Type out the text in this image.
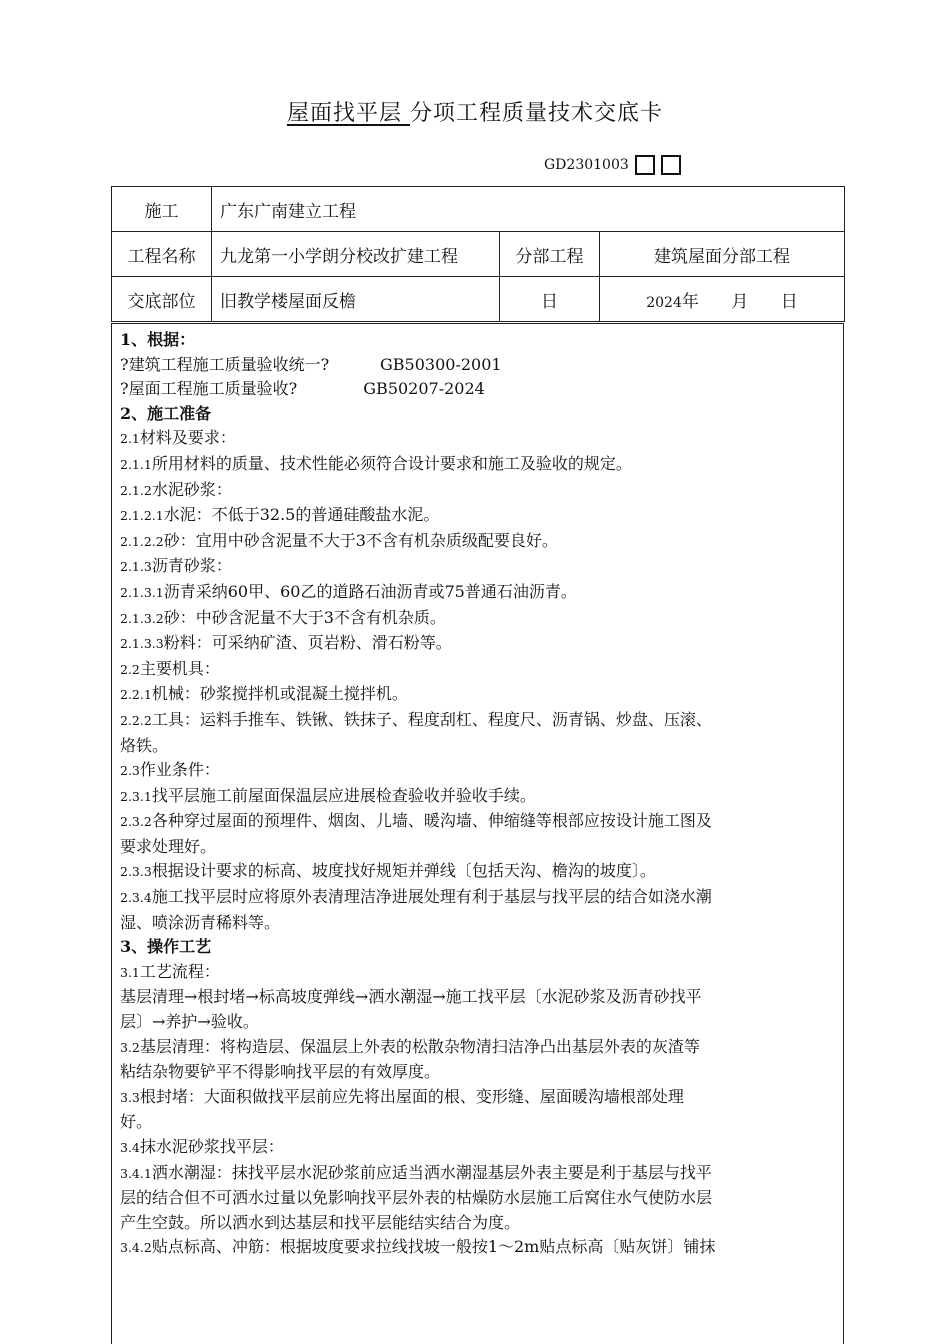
屋面找平层 分项工程质量技术交底卡
GD2301003
施工	广东广南建立工程		
工程名称	九龙第一小学朗分校改扩建工程	分部工程	建筑屋面分部工程
交底部位	旧教学楼屋面反檐	日	2024年 月 日
1、根据：
?建筑工程施工质量验收统一?          GB50300-2001
?屋面工程施工质量验收?             GB50207-2024
2、施工准备
2.1材料及要求：
2.1.1所用材料的质量、技术性能必须符合设计要求和施工及验收的规定。
2.1.2水泥砂浆：
2.1.2.1水泥：不低于32.5的普通硅酸盐水泥。
2.1.2.2砂：宜用中砂含泥量不大于3不含有机杂质级配要良好。
2.1.3沥青砂浆：
2.1.3.1沥青采纳60甲、60乙的道路石油沥青或75普通石油沥青。
2.1.3.2砂：中砂含泥量不大于3不含有机杂质。
2.1.3.3粉料：可采纳矿渣、页岩粉、滑石粉等。
2.2主要机具：
2.2.1机械：砂浆搅拌机或混凝土搅拌机。
2.2.2工具：运料手推车、铁锹、铁抹子、程度刮杠、程度尺、沥青锅、炒盘、压滚、
烙铁。
2.3作业条件：
2.3.1找平层施工前屋面保温层应进展检查验收并验收手续。
2.3.2各种穿过屋面的预埋件、烟囱、儿墙、暖沟墙、伸缩缝等根部应按设计施工图及
要求处理好。
2.3.3根据设计要求的标高、坡度找好规矩并弹线〔包括天沟、檐沟的坡度〕。
2.3.4施工找平层时应将原外表清理洁净进展处理有利于基层与找平层的结合如浇水潮
湿、喷涂沥青稀料等。
3、操作工艺
3.1工艺流程：
基层清理→根封堵→标高坡度弹线→洒水潮湿→施工找平层〔水泥砂浆及沥青砂找平
层〕→养护→验收。
3.2基层清理：将构造层、保温层上外表的松散杂物清扫洁净凸出基层外表的灰渣等
粘结杂物要铲平不得影响找平层的有效厚度。
3.3根封堵：大面积做找平层前应先将出屋面的根、变形缝、屋面暖沟墙根部处理
好。
3.4抹水泥砂浆找平层：
3.4.1洒水潮湿：抹找平层水泥砂浆前应适当洒水潮湿基层外表主要是利于基层与找平
层的结合但不可洒水过量以免影响找平层外表的枯燥防水层施工后窝住水气使防水层
产生空鼓。所以洒水到达基层和找平层能结实结合为度。
3.4.2贴点标高、冲筋：根据坡度要求拉线找坡一般按1～2m贴点标高〔贴灰饼〕铺抹
